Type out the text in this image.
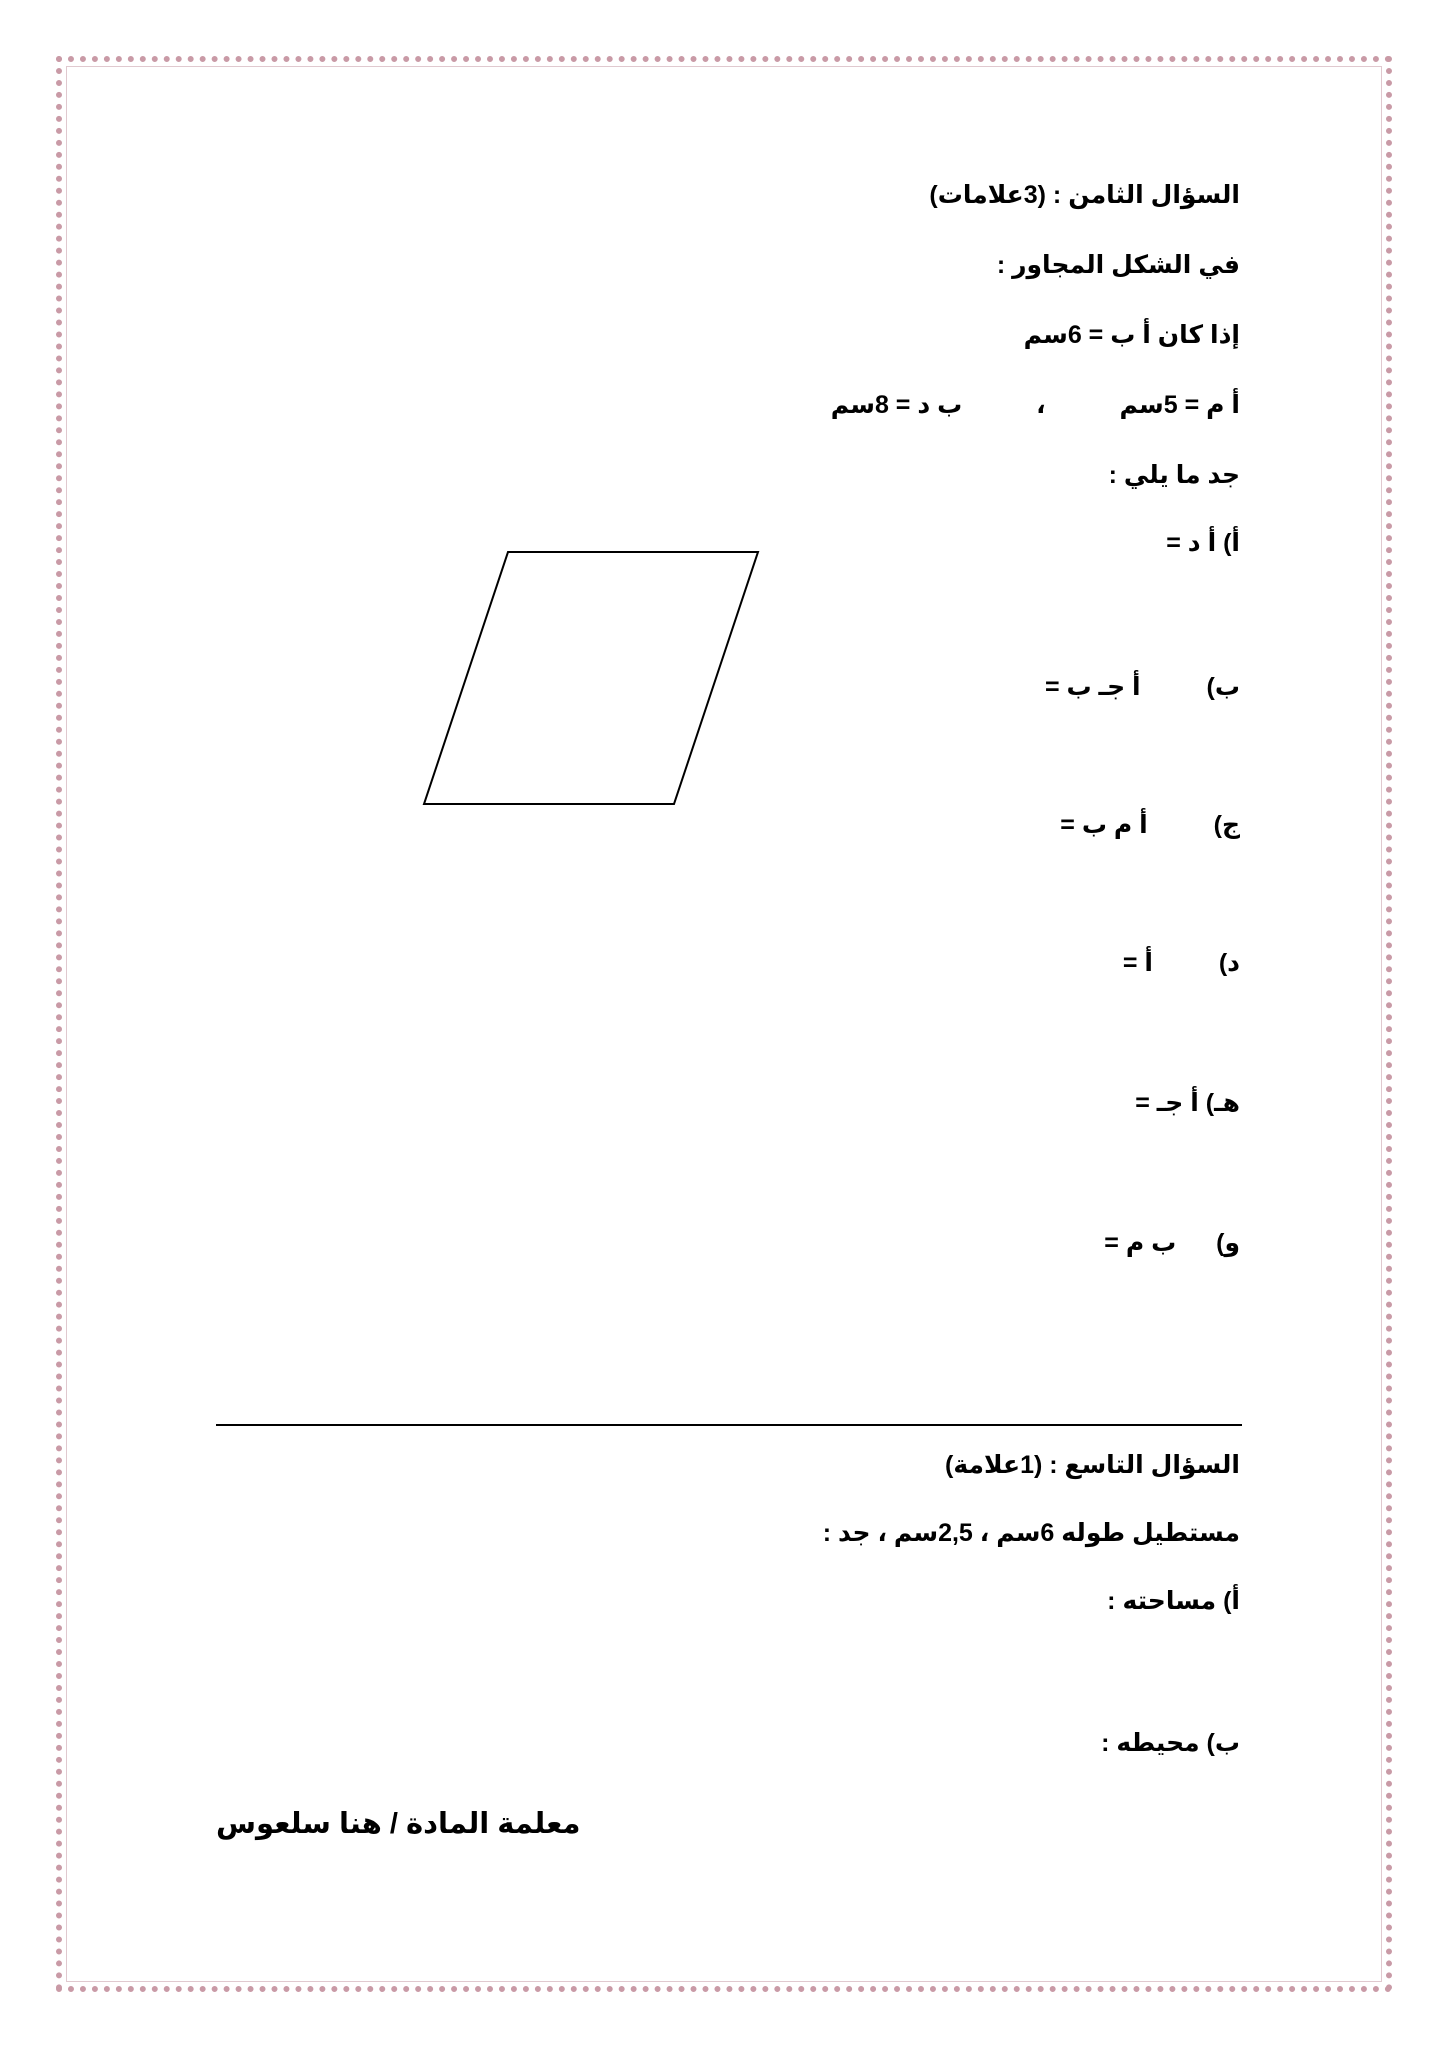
السؤال الثامن : (3علامات)
في الشكل المجاور :
إذا كان أ ب = 6سم
أ م = 5سم  ،  ب د = 8سم
جد ما يلي :
أ) أ د =
ب)  أ جـ ب =
ج)  أ م ب =
د)  أ =
هـ) أ جـ =
و)  ب م =
السؤال التاسع : (1علامة)
مستطيل طوله 6سم ، 2,5سم ، جد :
أ) مساحته :
ب) محيطه :
معلمة المادة / هنا سلعوس
